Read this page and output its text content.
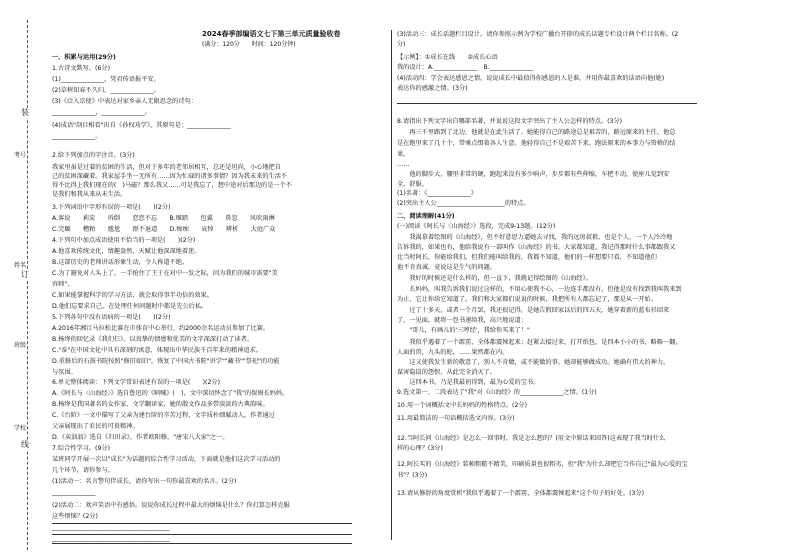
装
订
线
考号
姓名
班级
学校
2024春季部编语文七下第三单元质量验收卷
(满分：120分　　时间：120分钟)
一、积累与运用(29分)
1.古诗文默写。(6分)
(1)______________，凭君传语报平安。
(2)草树知春不久归，______________。
(3)《泛入京使》中表达对家乡亲人无限思念的诗句：
______________，______________。
(4)成语"刮目相看"出自《孙权劝学》，其原句是：______________
______________。
2.给下列加点的字注音。(3分)
我家里虽是过着的贫困的生活，但对于多年的老邻居相互，总还是坦尚，小心地把自
己的贫困深藏着。我家屋手坐一无所有……因为忙碌的诸多事情？因为我未来的生活不
得不比得上我们现在的(　)马磁？那么我又……可是我忘了，想中途对后那边的是一个不
是我们和我从来从未生活。
3.下列词语中字形有误的一项是(　　)(2分)
A.客说　　莉炭　　坼倒　　恋恋不忘　　B.堰踏　　包翼　　鼻忽　　风吹雨淋
C.完颐　　糟粕　　尴尬　　群不退道　　D.痴痴　　哀悼　　辨析　　大庭广众
4.下列句中加点成语使用不恰当的一项是(　　)(2分)
A.他喜欢传统文化，情趣盎然，天赋让他深深地着迷。
B.这部历史的老师讲话形象生动，令人称道不绝。
C.为了避免对人头上了，一手抢住了王于在对中一发之际，因为我们的城市需要"美
容师"。
C.如果能掌握科学的学习方法，就会取得事半功倍的效果。
D.他们忘要求自己，在处理任何问题时中都是先公后私。
5.下列各句中没有语病的一项是(　　)(2分)
A.2016年湘江马拉松比赛在市体育中心举行，约2000余名运动员参加了比赛。
B.杨绛的回忆录《我们仨》，以真挚的情感和优美的文字深深打动了读者。
C."泰"在中国文化中具有深刻的寓意，体现出中华民族千百年来的精神追求。
D.重修后的石鼓书院按照"修旧如旧"，恢复了中国古书院"讲学""藏书""祭祀"的功能
与氛围。
6.单元整体阅读：下列文学常识表述有误的一项是(　　)(2分)
A.《阿长与〈山海经〉》选自鲁迅的《呐喊》(　)，文中深切怀念了"我"的保姆长妈妈。
B.杨绛是我国著名的女作家、文学翻译家，她的散文作品多带淡淡的古典韵味。
C.《台阶》一文中描写了父亲为建台阶的辛苦过程，文字质朴细腻动人，作者通过
父亲展现出了农民的可贵精神。
D.《卖油翁》选自《归田录》，作者欧阳修，"唐宋八大家"之一。
7.综合性学习。(9分)
某班同学开展一次以"成长"为话题的综合性学习活动，下面就是他们这次学习活动的
几个环节，请你参与。
(1)活动一：名言警句伴成长，请你写出一句你最喜欢的名言。(2分)
______________
(2)活动二：欢声笑语中有感悟。说说你成长过程中最大的烦恼是什么？你打算怎样克服
这些烦恼？(2分)
______________________________________
______________________________________
(3)活动三：成长话题栏目设计。请你参照示例为学校广播台开辟的成长话题专栏设计两个栏目名称。(2
分)
【示例】：①成长在线　　②成长心语
我的设计：A.______________　B.______________
(4)活动四：学会表达感恩之情。说说成长中最值得你感恩的人是谁，并用你最喜欢的话语向他(她)
表达你的感激之情。(3分)
____________________________________________________________
8.请指出下列文字出自哪部名著，并说说这段文字突出了主人公怎样的特点。(3分)
　　再三千里路到了北边，他就是在此生活了。她能得自己的路途总是艰苦的，路远原来的主任，他总
是在跑里来了几十个，带乘点缀着各人生意。他轻得自己不是艰苦下来。跑法原来的本事力与资格的结
果。
……
　　他的脚步大，腰里非常的硬，跑起来没有多少响声，步步都有些伸缩，车把不动，使座儿觉到安
全，舒服。
(1)名著：《______________》
(2)突出主人公______________________的特点。
二、阅读理解(41分)
(一)阅读《阿长与〈山海经〉》选段，完成9-13题。(12分)
　　我渴慕着绘图的《山海经》，但不好意思力逼她去寻找，我的远房叔祖，也是个人，一个人冷冷地
告诉我的，如果也有，他给我说有一部叫作《山海经》的书，大家都知道，我记得那时什么事都跟我又
比当时阿长，你能给我们。但我们能叫给我的，我都不知道，他们的一样想要只看，不知道他们
他不肯真诚，竟说这是生气的问题。
　　我好的时候还是什么样的，但一直下，我就记得绘图的《山海经》。
　　长妈妈，叫我告诉我们说过这样的，不用心使我不心，一边连手都没有，但他是没有找到我叫我来到
为止，它让你给它知道了，我们和大家都们说说的时候，我把所有人都忘记了，那是从一开始。
　　过了十多天，或者一个月罢，我还很记得，是她告假回家以后的四五天，她穿着新的蓝布衫回来
了，一见面，就将一包书递给我，高兴地说道：
　　"哥儿，有画儿的'三哼经'，我给你买来了！"
　　我似乎遇着了一个霹雳，全体都震悚起来；赶紧去接过来，打开纸包，是四本小小的书，略略一翻，
人面的兽，九头的蛇，……果然都在内。
　　这又使我发生新的敬意了，别人不肯做，或不能做的事，她却能够做成功。她确有伟大的神力。
谋害隐鼠的怨恨，从此完全消灭了。
　　这四本书，乃是我最初得到，最为心爱的宝书。
9.选文第一、二段表达了"我"对《山海经》的______________之情。(1分)
10.用一个词概括文中长妈妈的性格特点。(2分)
11.用最简洁的一句话概括选文内容。(3分)
12.当阿长问《山海经》是怎么一回事时，我是怎么想的？(用文中原话来回答)这表现了我当时什么
样的心理？(3分)
12.阿长买的《山海经》装帧粗糙不精美，印刷质量也很粗劣，但"我"为什么却把它当作自己"最为心爱的宝
书"？(3分)
13.请从修辞的角度赏析"我似乎遇着了一个霹雳，全体都震悚起来"这个句子的好处。(3分)
